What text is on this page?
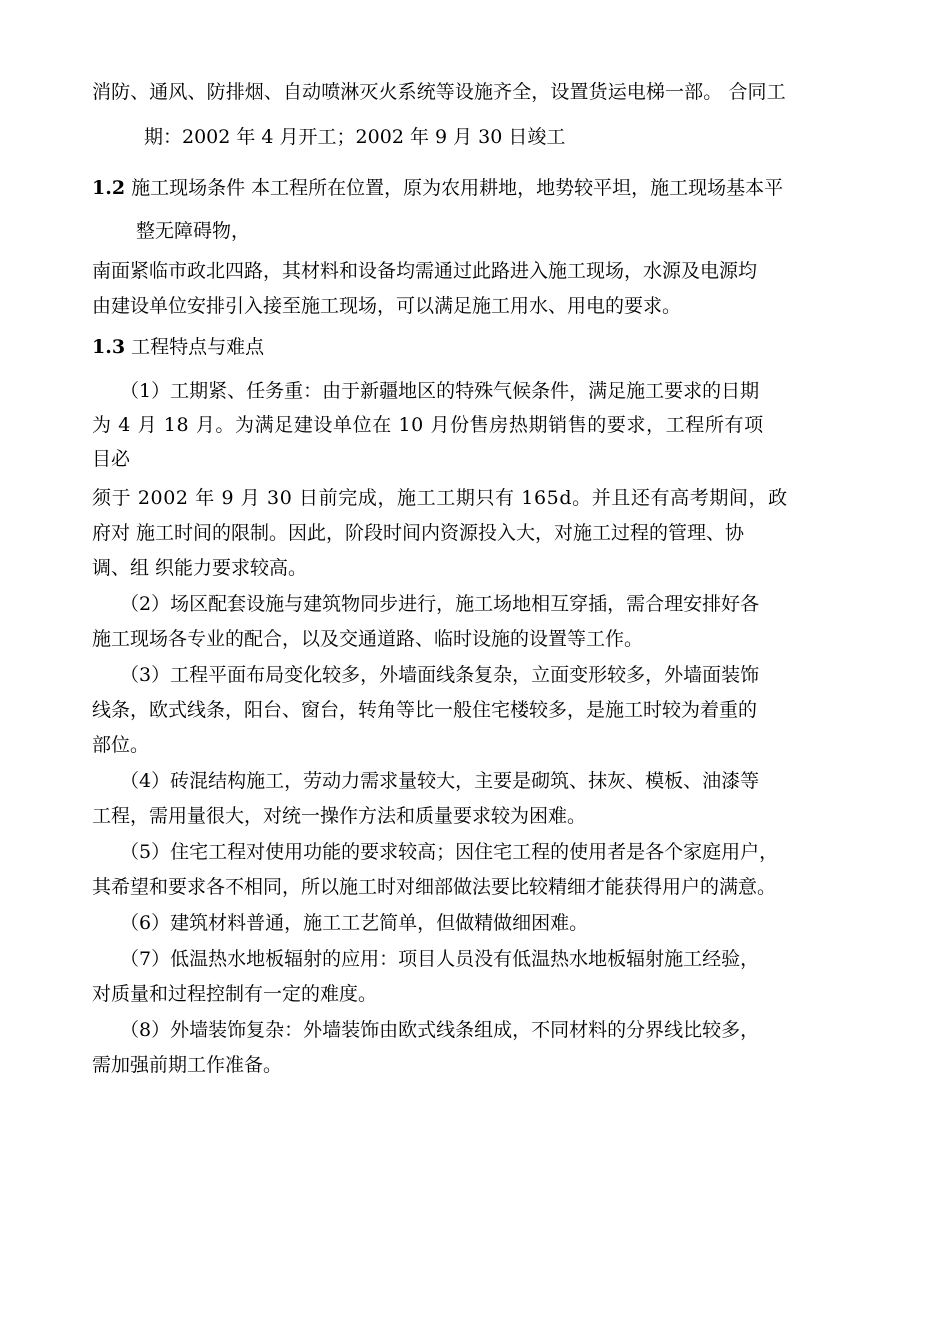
消防、通风、防排烟、自动喷淋灭火系统等设施齐全，设置货运电梯一部。 合同工
期：2002 年 4 月开工；2002 年 9 月 30 日竣工
1.2 施工现场条件 本工程所在位置，原为农用耕地，地势较平坦，施工现场基本平
整无障碍物，
南面紧临市政北四路，其材料和设备均需通过此路进入施工现场，水源及电源均
由建设单位安排引入接至施工现场，可以满足施工用水、用电的要求。
1.3 工程特点与难点
（1）工期紧、任务重：由于新疆地区的特殊气候条件，满足施工要求的日期
为 4 月 18 月。为满足建设单位在 10 月份售房热期销售的要求，工程所有项
目必
须于 2002 年 9 月 30 日前完成，施工工期只有 165d。并且还有高考期间，政
府对 施工时间的限制。因此，阶段时间内资源投入大，对施工过程的管理、协
调、组 织能力要求较高。
（2）场区配套设施与建筑物同步进行，施工场地相互穿插，需合理安排好各
施工现场各专业的配合，以及交通道路、临时设施的设置等工作。
（3）工程平面布局变化较多，外墙面线条复杂，立面变形较多，外墙面装饰
线条，欧式线条，阳台、窗台，转角等比一般住宅楼较多，是施工时较为着重的
部位。
（4）砖混结构施工，劳动力需求量较大，主要是砌筑、抹灰、模板、油漆等
工程，需用量很大，对统一操作方法和质量要求较为困难。
（5）住宅工程对使用功能的要求较高；因住宅工程的使用者是各个家庭用户，
其希望和要求各不相同，所以施工时对细部做法要比较精细才能获得用户的满意。
（6）建筑材料普通，施工工艺简单，但做精做细困难。
（7）低温热水地板辐射的应用：项目人员没有低温热水地板辐射施工经验，
对质量和过程控制有一定的难度。
（8）外墙装饰复杂：外墙装饰由欧式线条组成，不同材料的分界线比较多，
需加强前期工作准备。
